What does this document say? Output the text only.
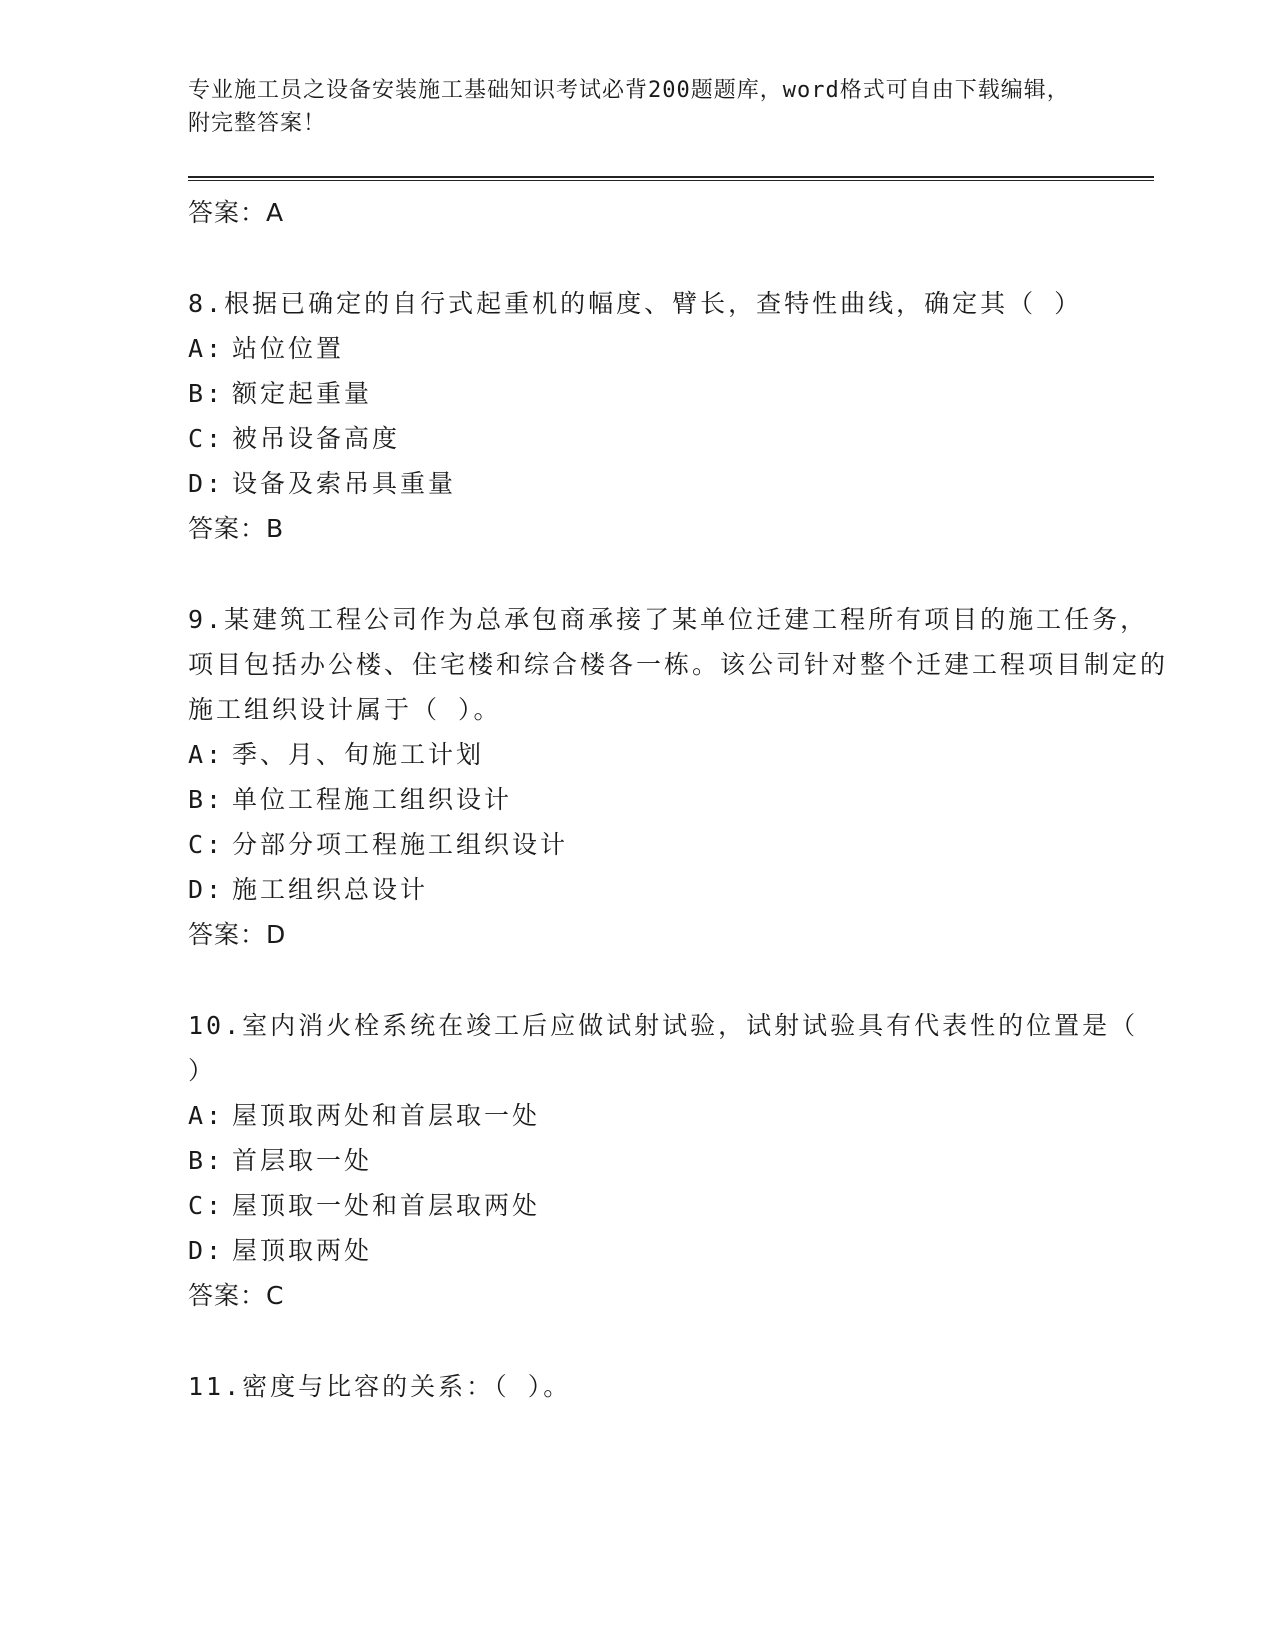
专业施工员之设备安装施工基础知识考试必背200题题库，word格式可自由下载编辑，附完整答案！
答案：A

8.根据已确定的自行式起重机的幅度、臂长，查特性曲线，确定其（ ）

A: 站位位置
B: 额定起重量
C: 被吊设备高度
D: 设备及索吊具重量
答案：B

9.某建筑工程公司作为总承包商承接了某单位迁建工程所有项目的施工任务，项目包括办公楼、住宅楼和综合楼各一栋。该公司针对整个迁建工程项目制定的施工组织设计属于（ ）。

A: 季、月、旬施工计划
B: 单位工程施工组织设计
C: 分部分项工程施工组织设计
D: 施工组织总设计
答案：D

10.室内消火栓系统在竣工后应做试射试验，试射试验具有代表性的位置是（ ）

A: 屋顶取两处和首层取一处
B: 首层取一处
C: 屋顶取一处和首层取两处
D: 屋顶取两处
答案：C

11.密度与比容的关系：（ ）。
